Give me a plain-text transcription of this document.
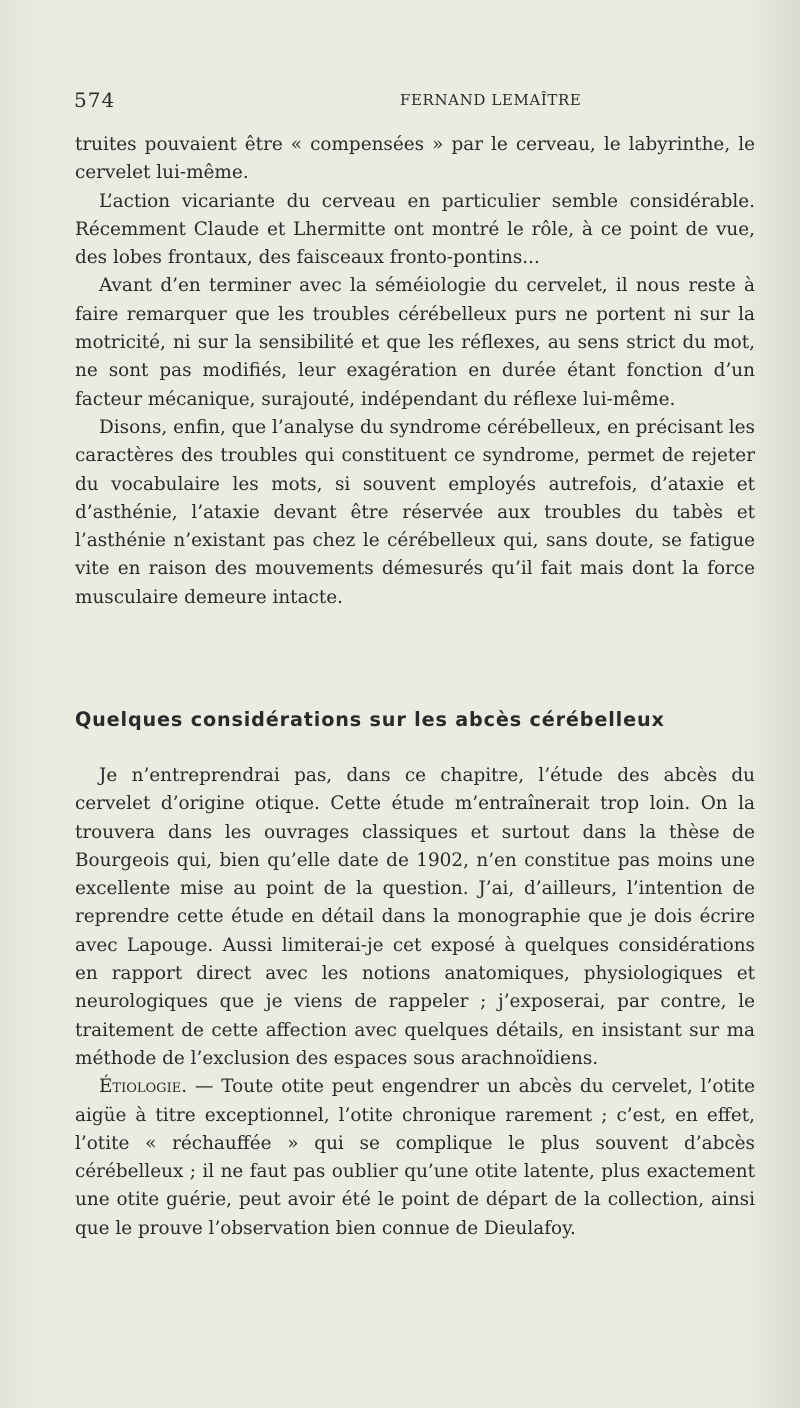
574	FERNAND LEMAÎTRE

truites pouvaient être « compensées » par le cerveau, le labyrinthe, le cervelet lui-même.

L’action vicariante du cerveau en particulier semble considérable. Récemment Claude et Lhermitte ont montré le rôle, à ce point de vue, des lobes frontaux, des faisceaux fronto-pontins...

Avant d’en terminer avec la séméiologie du cervelet, il nous reste à faire remarquer que les troubles cérébelleux purs ne portent ni sur la motricité, ni sur la sensibilité et que les réflexes, au sens strict du mot, ne sont pas modifiés, leur exagération en durée étant fonction d’un facteur mécanique, surajouté, indépendant du réflexe lui-même.

Disons, enfin, que l’analyse du syndrome cérébelleux, en précisant les caractères des troubles qui constituent ce syndrome, permet de rejeter du vocabulaire les mots, si souvent employés autrefois, d’ataxie et d’asthénie, l’ataxie devant être réservée aux troubles du tabès et l’asthénie n’existant pas chez le cérébelleux qui, sans doute, se fatigue vite en raison des mouvements démesurés qu’il fait mais dont la force musculaire demeure intacte.

Quelques considérations sur les abcès cérébelleux

Je n’entreprendrai pas, dans ce chapitre, l’étude des abcès du cervelet d’origine otique. Cette étude m’entraînerait trop loin. On la trouvera dans les ouvrages classiques et surtout dans la thèse de Bourgeois qui, bien qu’elle date de 1902, n’en constitue pas moins une excellente mise au point de la question. J’ai, d’ailleurs, l’intention de reprendre cette étude en détail dans la monographie que je dois écrire avec Lapouge. Aussi limiterai-je cet exposé à quelques considérations en rapport direct avec les notions anatomiques, physiologiques et neurologiques que je viens de rappeler ; j’exposerai, par contre, le traitement de cette affection avec quelques détails, en insistant sur ma méthode de l’exclusion des espaces sous arachnoïdiens.

Étiologie. — Toute otite peut engendrer un abcès du cervelet, l’otite aigüe à titre exceptionnel, l’otite chronique rarement ; c’est, en effet, l’otite « réchauffée » qui se complique le plus souvent d’abcès cérébelleux ; il ne faut pas oublier qu’une otite latente, plus exactement une otite guérie, peut avoir été le point de départ de la collection, ainsi que le prouve l’observation bien connue de Dieulafoy.
